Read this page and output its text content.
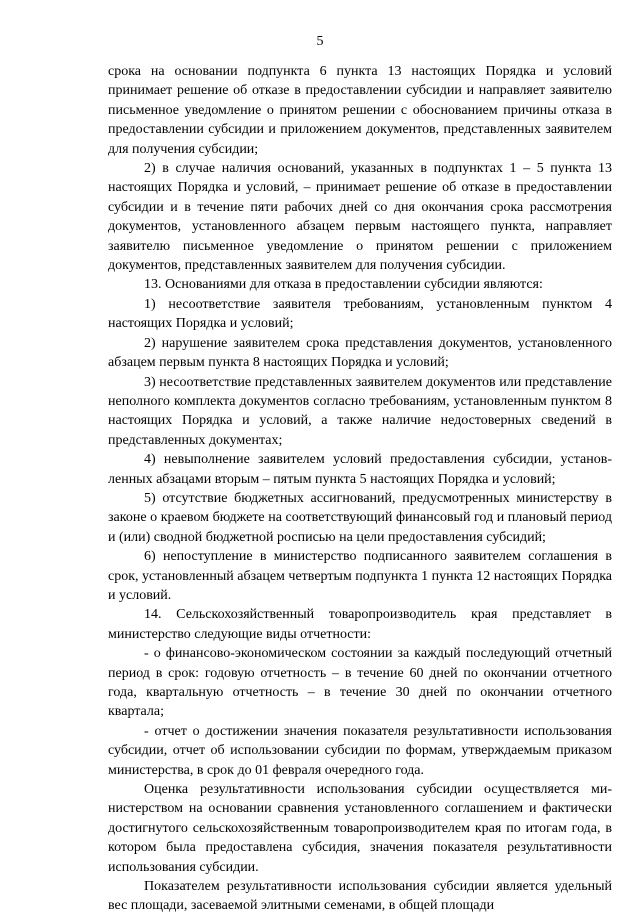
5

срока на основании подпункта 6 пункта 13 настоящих Порядка и условий принимает решение об отказе в предоставлении субсидии и направляет заявителю письменное уведомление о принятом решении с обоснованием причины отказа в предоставлении субсидии и приложением документов, представленных заявителем для получения субсидии;

2) в случае наличия оснований, указанных в подпунктах 1 – 5 пункта 13 настоящих Порядка и условий, – принимает решение об отказе в предоставлении субсидии и в течение пяти рабочих дней со дня окончания срока рассмотрения документов, установленного абзацем первым настоящего пункта, направляет заявителю письменное уведомление о принятом решении с приложением документов, представленных заявителем для получения субсидии.

13. Основаниями для отказа в предоставлении субсидии являются:

1) несоответствие заявителя требованиям, установленным пунктом 4 настоящих Порядка и условий;

2) нарушение заявителем срока представления документов, установленного абзацем первым пункта 8 настоящих Порядка и условий;

3) несоответствие представленных заявителем документов или представление неполного комплекта документов согласно требованиям, установленным пунктом 8 настоящих Порядка и условий, а также наличие недостоверных сведений в представленных документах;

4) невыполнение заявителем условий предоставления субсидии, установленных абзацами вторым – пятым пункта 5 настоящих Порядка и условий;

5) отсутствие бюджетных ассигнований, предусмотренных министерству в законе о краевом бюджете на соответствующий финансовый год и плановый период и (или) сводной бюджетной росписью на цели предоставления субсидий;

6) непоступление в министерство подписанного заявителем соглашения в срок, установленный абзацем четвертым подпункта 1 пункта 12 настоящих Порядка и условий.

14. Сельскохозяйственный товаропроизводитель края представляет в министерство следующие виды отчетности:

- о финансово-экономическом состоянии за каждый последующий отчетный период в срок: годовую отчетность – в течение 60 дней по окончании отчетного года, квартальную отчетность – в течение 30 дней по окончании отчетного квартала;

- отчет о достижении значения показателя результативности использования субсидии, отчет об использовании субсидии по формам, утверждаемым приказом министерства, в срок до 01 февраля очередного года.

Оценка результативности использования субсидии осуществляется министерством на основании сравнения установленного соглашением и фактически достигнутого сельскохозяйственным товаропроизводителем края по итогам года, в котором была предоставлена субсидия, значения показателя результативности использования субсидии.

Показателем результативности использования субсидии является удельный вес площади, засеваемой элитными семенами, в общей площади
